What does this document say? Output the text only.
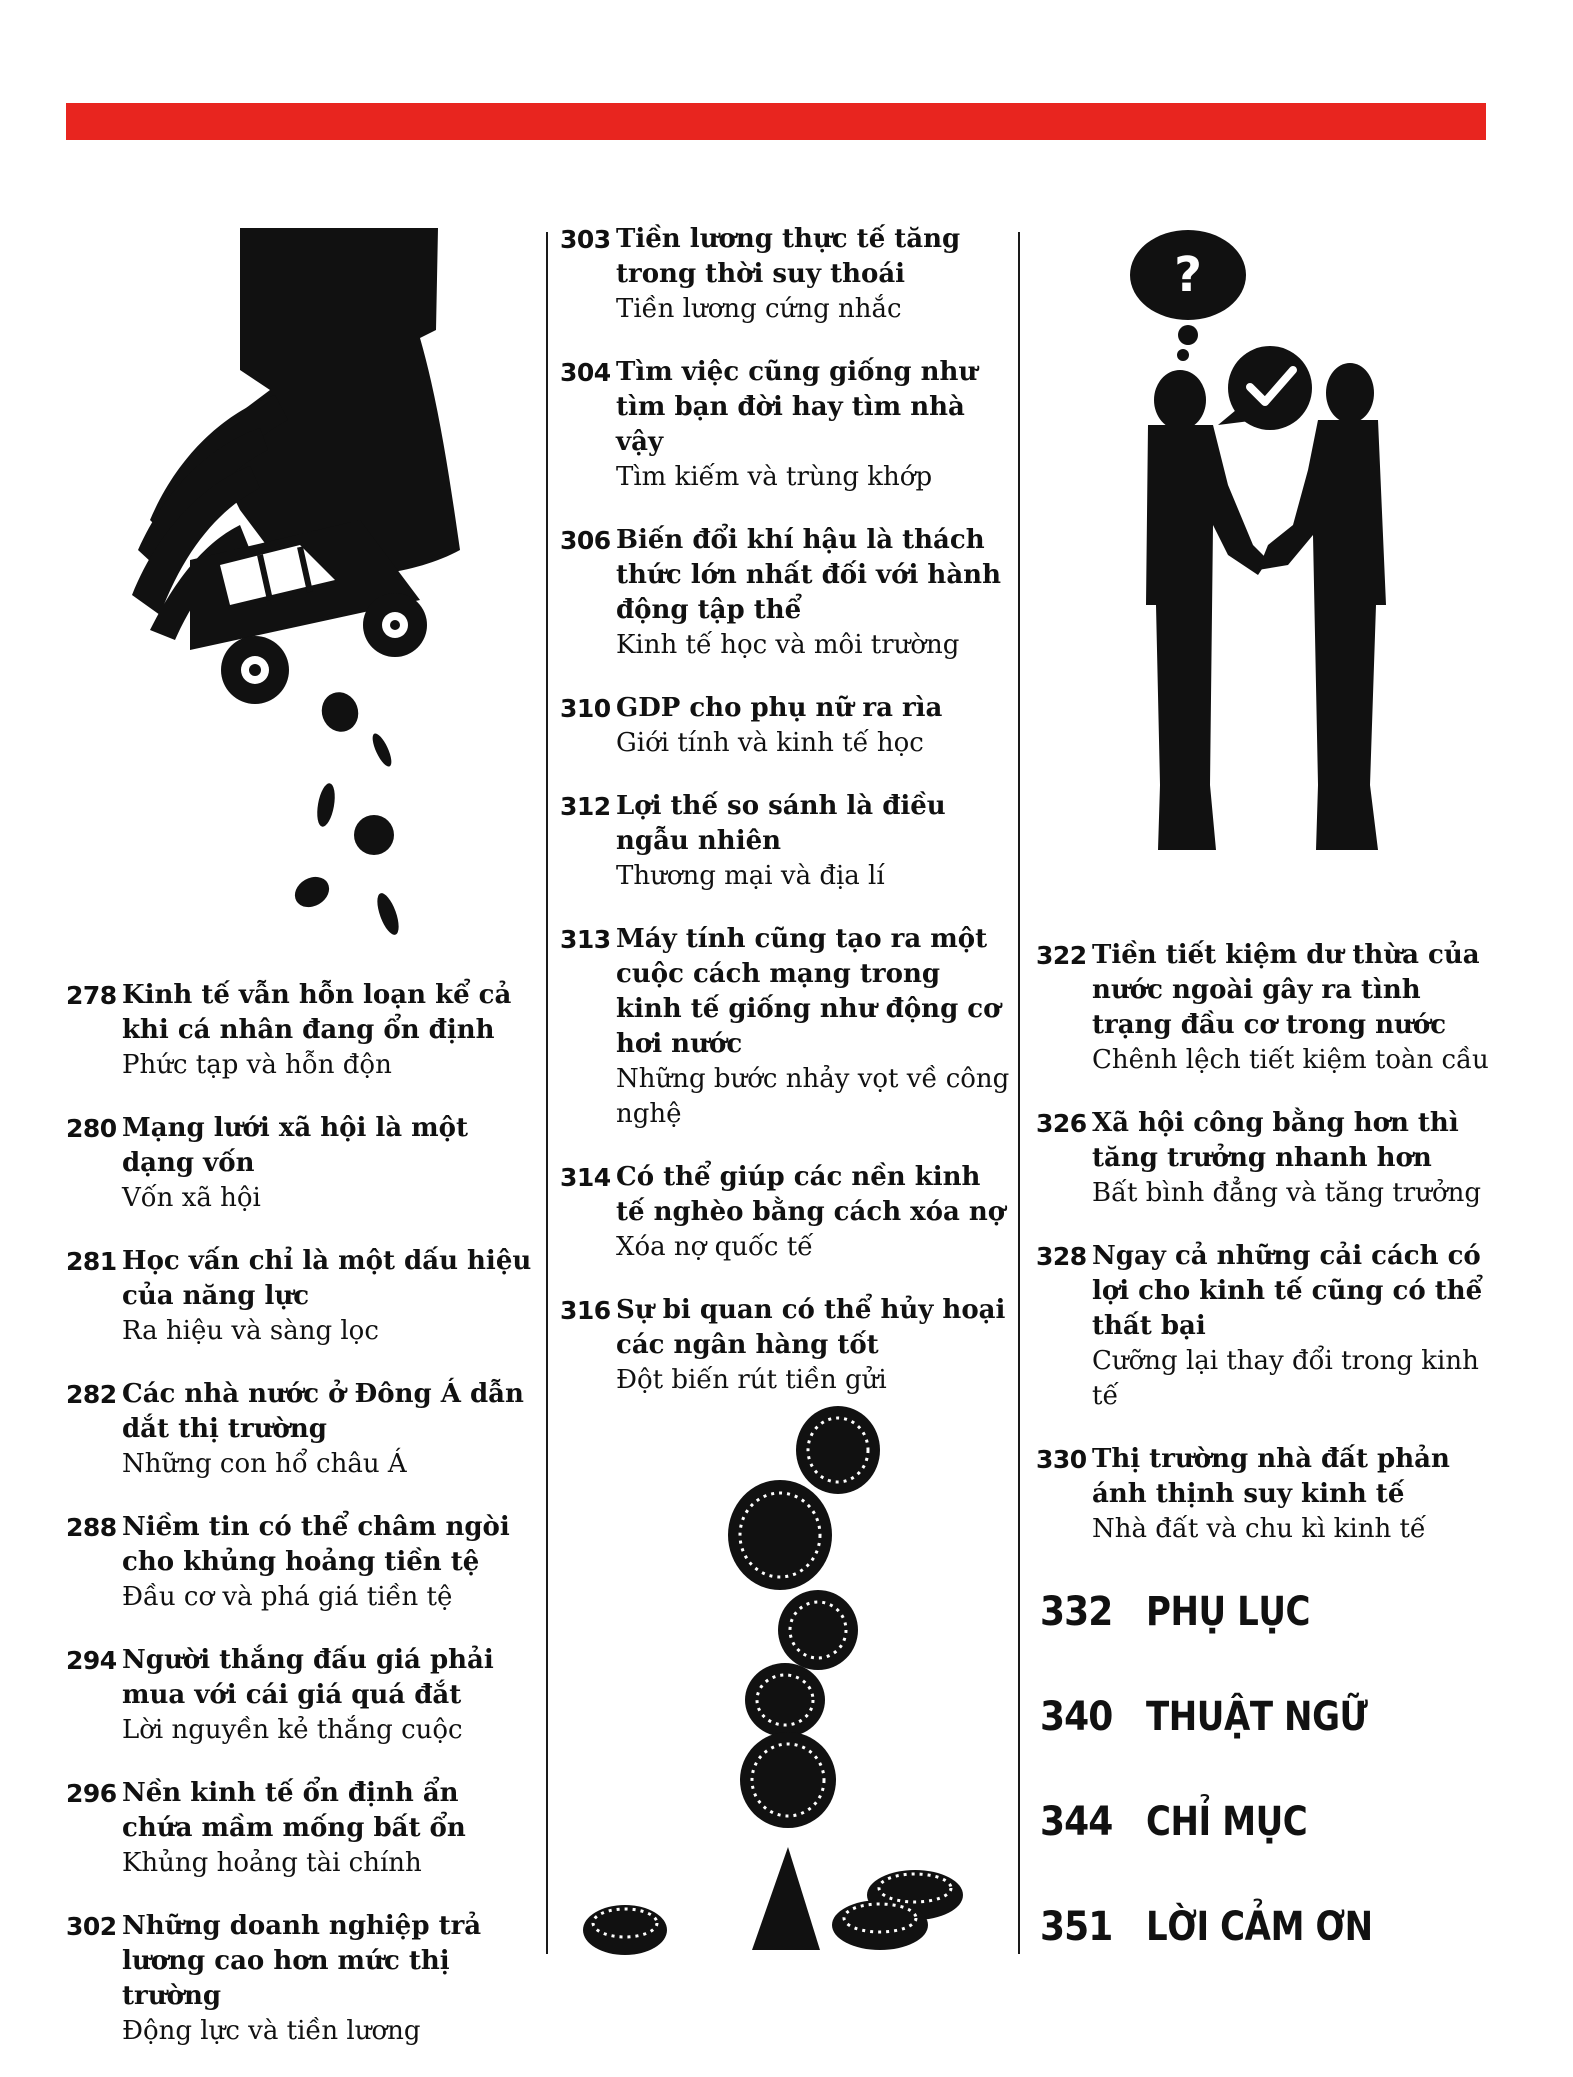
?
278 Kinh tế vẫn hỗn loạn kể cả khi cá nhân đang ổn định
Phức tạp và hỗn độn
280 Mạng lưới xã hội là một dạng vốn
Vốn xã hội
281 Học vấn chỉ là một dấu hiệu của năng lực
Ra hiệu và sàng lọc
282 Các nhà nước ở Đông Á dẫn dắt thị trường
Những con hổ châu Á
288 Niềm tin có thể châm ngòi cho khủng hoảng tiền tệ
Đầu cơ và phá giá tiền tệ
294 Người thắng đấu giá phải mua với cái giá quá đắt
Lời nguyền kẻ thắng cuộc
296 Nền kinh tế ổn định ẩn chứa mầm mống bất ổn
Khủng hoảng tài chính
302 Những doanh nghiệp trả lương cao hơn mức thị trường
Động lực và tiền lương
303 Tiền lương thực tế tăng trong thời suy thoái
Tiền lương cứng nhắc
304 Tìm việc cũng giống như tìm bạn đời hay tìm nhà vậy
Tìm kiếm và trùng khớp
306 Biến đổi khí hậu là thách thức lớn nhất đối với hành động tập thể
Kinh tế học và môi trường
310 GDP cho phụ nữ ra rìa
Giới tính và kinh tế học
312 Lợi thế so sánh là điều ngẫu nhiên
Thương mại và địa lí
313 Máy tính cũng tạo ra một cuộc cách mạng trong kinh tế giống như động cơ hơi nước
Những bước nhảy vọt về công nghệ
314 Có thể giúp các nền kinh tế nghèo bằng cách xóa nợ
Xóa nợ quốc tế
316 Sự bi quan có thể hủy hoại các ngân hàng tốt
Đột biến rút tiền gửi
322 Tiền tiết kiệm dư thừa của nước ngoài gây ra tình trạng đầu cơ trong nước
Chênh lệch tiết kiệm toàn cầu
326 Xã hội công bằng hơn thì tăng trưởng nhanh hơn
Bất bình đẳng và tăng trưởng
328 Ngay cả những cải cách có lợi cho kinh tế cũng có thể thất bại
Cưỡng lại thay đổi trong kinh tế
330 Thị trường nhà đất phản ánh thịnh suy kinh tế
Nhà đất và chu kì kinh tế
332 PHỤ LỤC
340 THUẬT NGỮ
344 CHỈ MỤC
351 LỜI CẢM ƠN
